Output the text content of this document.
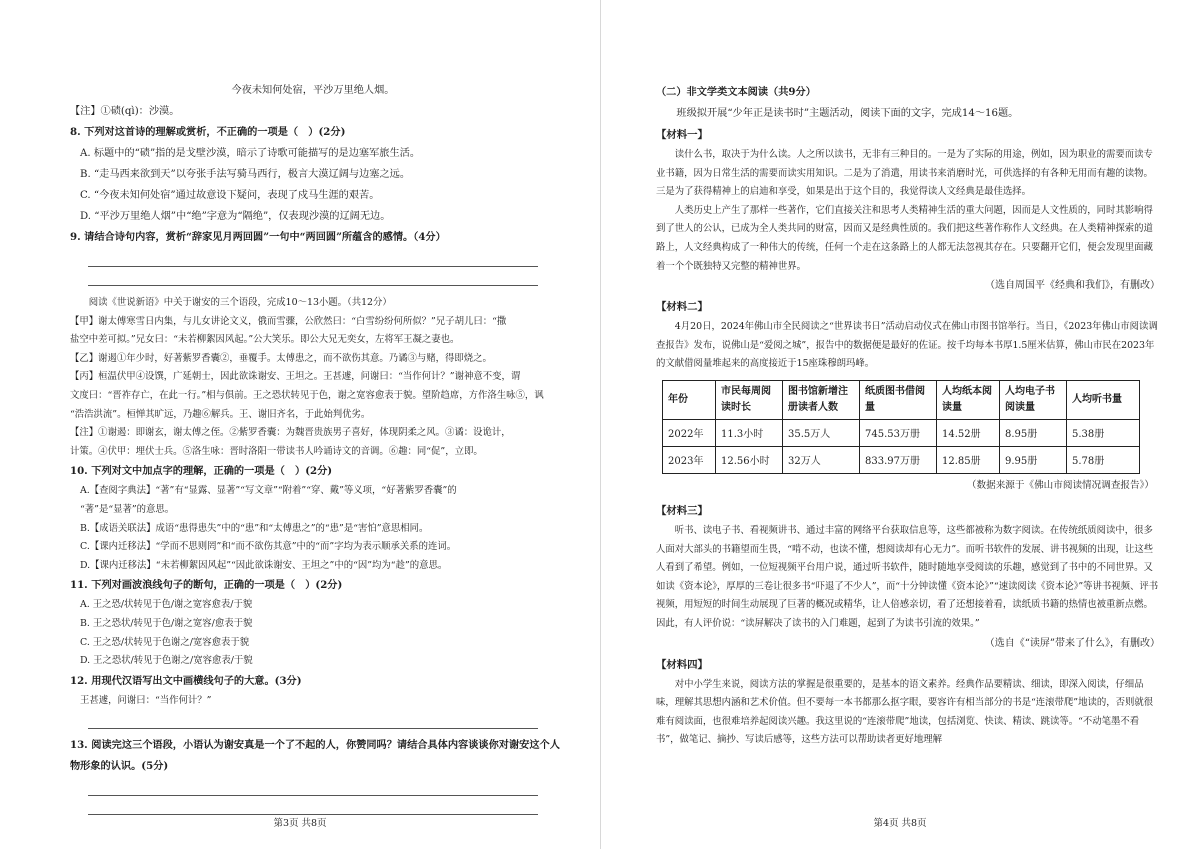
今夜未知何处宿，平沙万里绝人烟。

【注】①碛(qì)：沙漠。

8. 下列对这首诗的理解或赏析，不正确的一项是（　）(2分)

A. 标题中的“碛”指的是戈壁沙漠，暗示了诗歌可能描写的是边塞军旅生活。

B. “走马西来欲到天”以夸张手法写骑马西行，极言大漠辽阔与边塞之远。

C. “今夜未知何处宿”通过故意设下疑问，表现了戍马生涯的艰苦。

D. “平沙万里绝人烟”中“绝”字意为“隔绝”，仅表现沙漠的辽阔无边。

9. 请结合诗句内容，赏析“辞家见月两回圆”一句中“两回圆”所蕴含的感情。（4分）

阅读《世说新语》中关于谢安的三个语段，完成10～13小题。（共12分）

【甲】谢太傅寒雪日内集，与儿女讲论文义，俄而雪骤，公欣然曰：“白雪纷纷何所似？”兄子胡儿曰：“撒

盐空中差可拟。”兄女曰：“未若柳絮因风起。”公大笑乐。即公大兄无奕女，左将军王凝之妻也。

【乙】谢遏①年少时，好著紫罗香囊②，垂覆手。太傅患之，而不欲伤其意。乃谲③与赌，得即烧之。

【丙】桓温伏甲④设馔，广延朝士，因此欲诛谢安、王坦之。王甚遽，问谢曰：“当作何计？”谢神意不变，谓

文度曰：“晋祚存亡，在此一行。”相与俱前。王之恐状转见于色，谢之宽容愈表于貌。望阶趋席，方作洛生咏⑤，讽

“浩浩洪流”。桓惮其旷远，乃趣⑥解兵。王、谢旧齐名，于此始判优劣。

【注】①谢遏：即谢玄，谢太傅之侄。②紫罗香囊：为魏晋贵族男子喜好，体现阴柔之风。③谲：设诡计，

计策。④伏甲：埋伏士兵。⑤洛生咏：晋时洛阳一带读书人吟诵诗文的音调。⑥趣：同“促”，立即。

10. 下列对文中加点字的理解，正确的一项是（　）(2分)

A.【查阅字典法】“著”有“显露、显著”“写文章”“附着”“穿、戴”等义项，“好著紫罗香囊”的

“著”是“显著”的意思。

B.【成语关联法】成语“患得患失”中的“患”和“太傅患之”的“患”是“害怕”意思相同。

C.【课内迁移法】“学而不思则罔”和“而不欲伤其意”中的“而”字均为表示顺承关系的连词。

D.【课内迁移法】“未若柳絮因风起”“因此欲诛谢安、王坦之”中的“因”均为“趁”的意思。

11. 下列对画波浪线句子的断句，正确的一项是（　）(2分)

A. 王之恐/状转见于色/谢之宽容愈表/于貌

B. 王之恐状/转见于色/谢之宽容/愈表于貌

C. 王之恐/状转见于色谢之/宽容愈表于貌

D. 王之恐状/转见于色谢之/宽容愈表/于貌

12. 用现代汉语写出文中画横线句子的大意。(3分)

王甚遽，问谢曰：“当作何计？”

13. 阅读完这三个语段，小语认为谢安真是一个了不起的人，你赞同吗？请结合具体内容谈谈你对谢安这个人

物形象的认识。(5分)

第3页 共8页

（二）非文学类文本阅读（共9分）

班级拟开展“少年正是读书时”主题活动，阅读下面的文字，完成14～16题。

【材料一】

读什么书，取决于为什么读。人之所以读书，无非有三种目的。一是为了实际的用途，例如，因为职业的需要而读专业书籍，因为日常生活的需要而读实用知识。二是为了消遣，用读书来消磨时光，可供选择的有各种无用而有趣的读物。三是为了获得精神上的启迪和享受，如果是出于这个目的，我觉得读人文经典是最佳选择。

人类历史上产生了那样一些著作，它们直接关注和思考人类精神生活的重大问题，因而是人文性质的，同时其影响得到了世人的公认，已成为全人类共同的财富，因而又是经典性质的。我们把这些著作称作人文经典。在人类精神探索的道路上，人文经典构成了一种伟大的传统，任何一个走在这条路上的人都无法忽视其存在。只要翻开它们，便会发现里面藏着一个个既独特又完整的精神世界。

（选自周国平《经典和我们》，有删改）

【材料二】

4月20日，2024年佛山市全民阅读之“世界读书日”活动启动仪式在佛山市图书馆举行。当日，《2023年佛山市阅读调查报告》发布，说佛山是“爱阅之城”，报告中的数据便是最好的佐证。按千均每本书厚1.5厘米估算，佛山市民在2023年的文献借阅量堆起来的高度接近于15座珠穆朗玛峰。

年份	市民每周阅读时长	图书馆新增注册读者人数	纸质图书借阅量	人均纸本阅读量	人均电子书阅读量	人均听书量
2022年	11.3小时	35.5万人	745.53万册	14.52册	8.95册	5.38册
2023年	12.56小时	32万人	833.97万册	12.85册	9.95册	5.78册

（数据来源于《佛山市阅读情况调查报告》）

【材料三】

听书、读电子书、看视频讲书、通过丰富的网络平台获取信息等，这些都被称为数字阅读。在传统纸质阅读中，很多人面对大部头的书籍望而生畏，“啃不动，也读不懂，想阅读却有心无力”。而听书软件的发展、讲书视频的出现，让这些人看到了希望。例如，一位短视频平台用户说，通过听书软件，随时随地享受阅读的乐趣，感觉到了书中的不同世界。又如读《资本论》，厚厚的三卷让很多书“吓退了不少人”，而“十分钟读懂《资本论》”“速读阅读《资本论》”等讲书视频、评书视频，用短短的时间生动展现了巨著的概况或精华，让人倍感亲切，看了还想接着看，读纸质书籍的热情也被重新点燃。因此，有人评价说：“读屏解决了读书的入门难题，起到了为读书引流的效果。”

（选自《“读屏”带来了什么》，有删改）

【材料四】

对中小学生来说，阅读方法的掌握是很重要的，是基本的语文素养。经典作品要精读、细读，即深入阅读，仔细品味，理解其思想内涵和艺术价值。但不要每一本书都那么抠字眼，要容许有相当部分的书是“连滚带爬”地读的，否则就很难有阅读面，也很难培养起阅读兴趣。我这里说的“连滚带爬”地读，包括浏览、快读、精读、跳读等。“不动笔墨不看书”，做笔记、摘抄、写读后感等，这些方法可以帮助读者更好地理解

第4页 共8页
